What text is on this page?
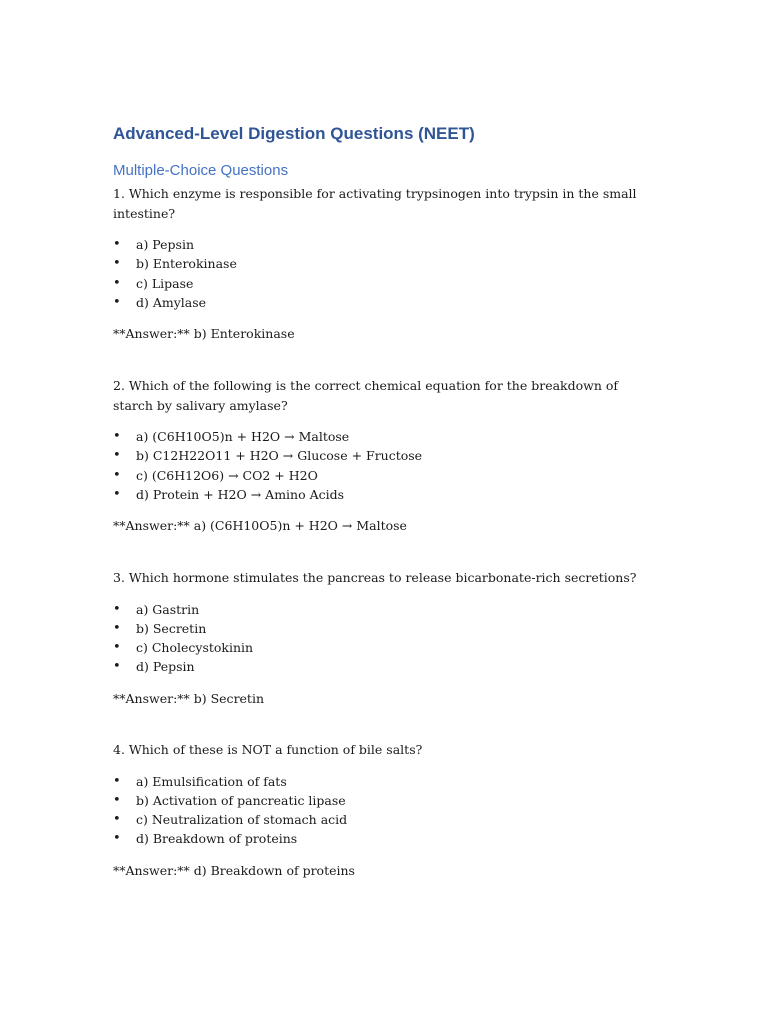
Advanced-Level Digestion Questions (NEET)
Multiple-Choice Questions

1. Which enzyme is responsible for activating trypsinogen into trypsin in the small intestine?

• a) Pepsin
• b) Enterokinase
• c) Lipase
• d) Amylase
**Answer:** b) Enterokinase

2. Which of the following is the correct chemical equation for the breakdown of starch by salivary amylase?

• a) (C6H10O5)n + H2O → Maltose
• b) C12H22O11 + H2O → Glucose + Fructose
• c) (C6H12O6) → CO2 + H2O
• d) Protein + H2O → Amino Acids
**Answer:** a) (C6H10O5)n + H2O → Maltose

3. Which hormone stimulates the pancreas to release bicarbonate-rich secretions?

• a) Gastrin
• b) Secretin
• c) Cholecystokinin
• d) Pepsin
**Answer:** b) Secretin

4. Which of these is NOT a function of bile salts?

• a) Emulsification of fats
• b) Activation of pancreatic lipase
• c) Neutralization of stomach acid
• d) Breakdown of proteins
**Answer:** d) Breakdown of proteins
